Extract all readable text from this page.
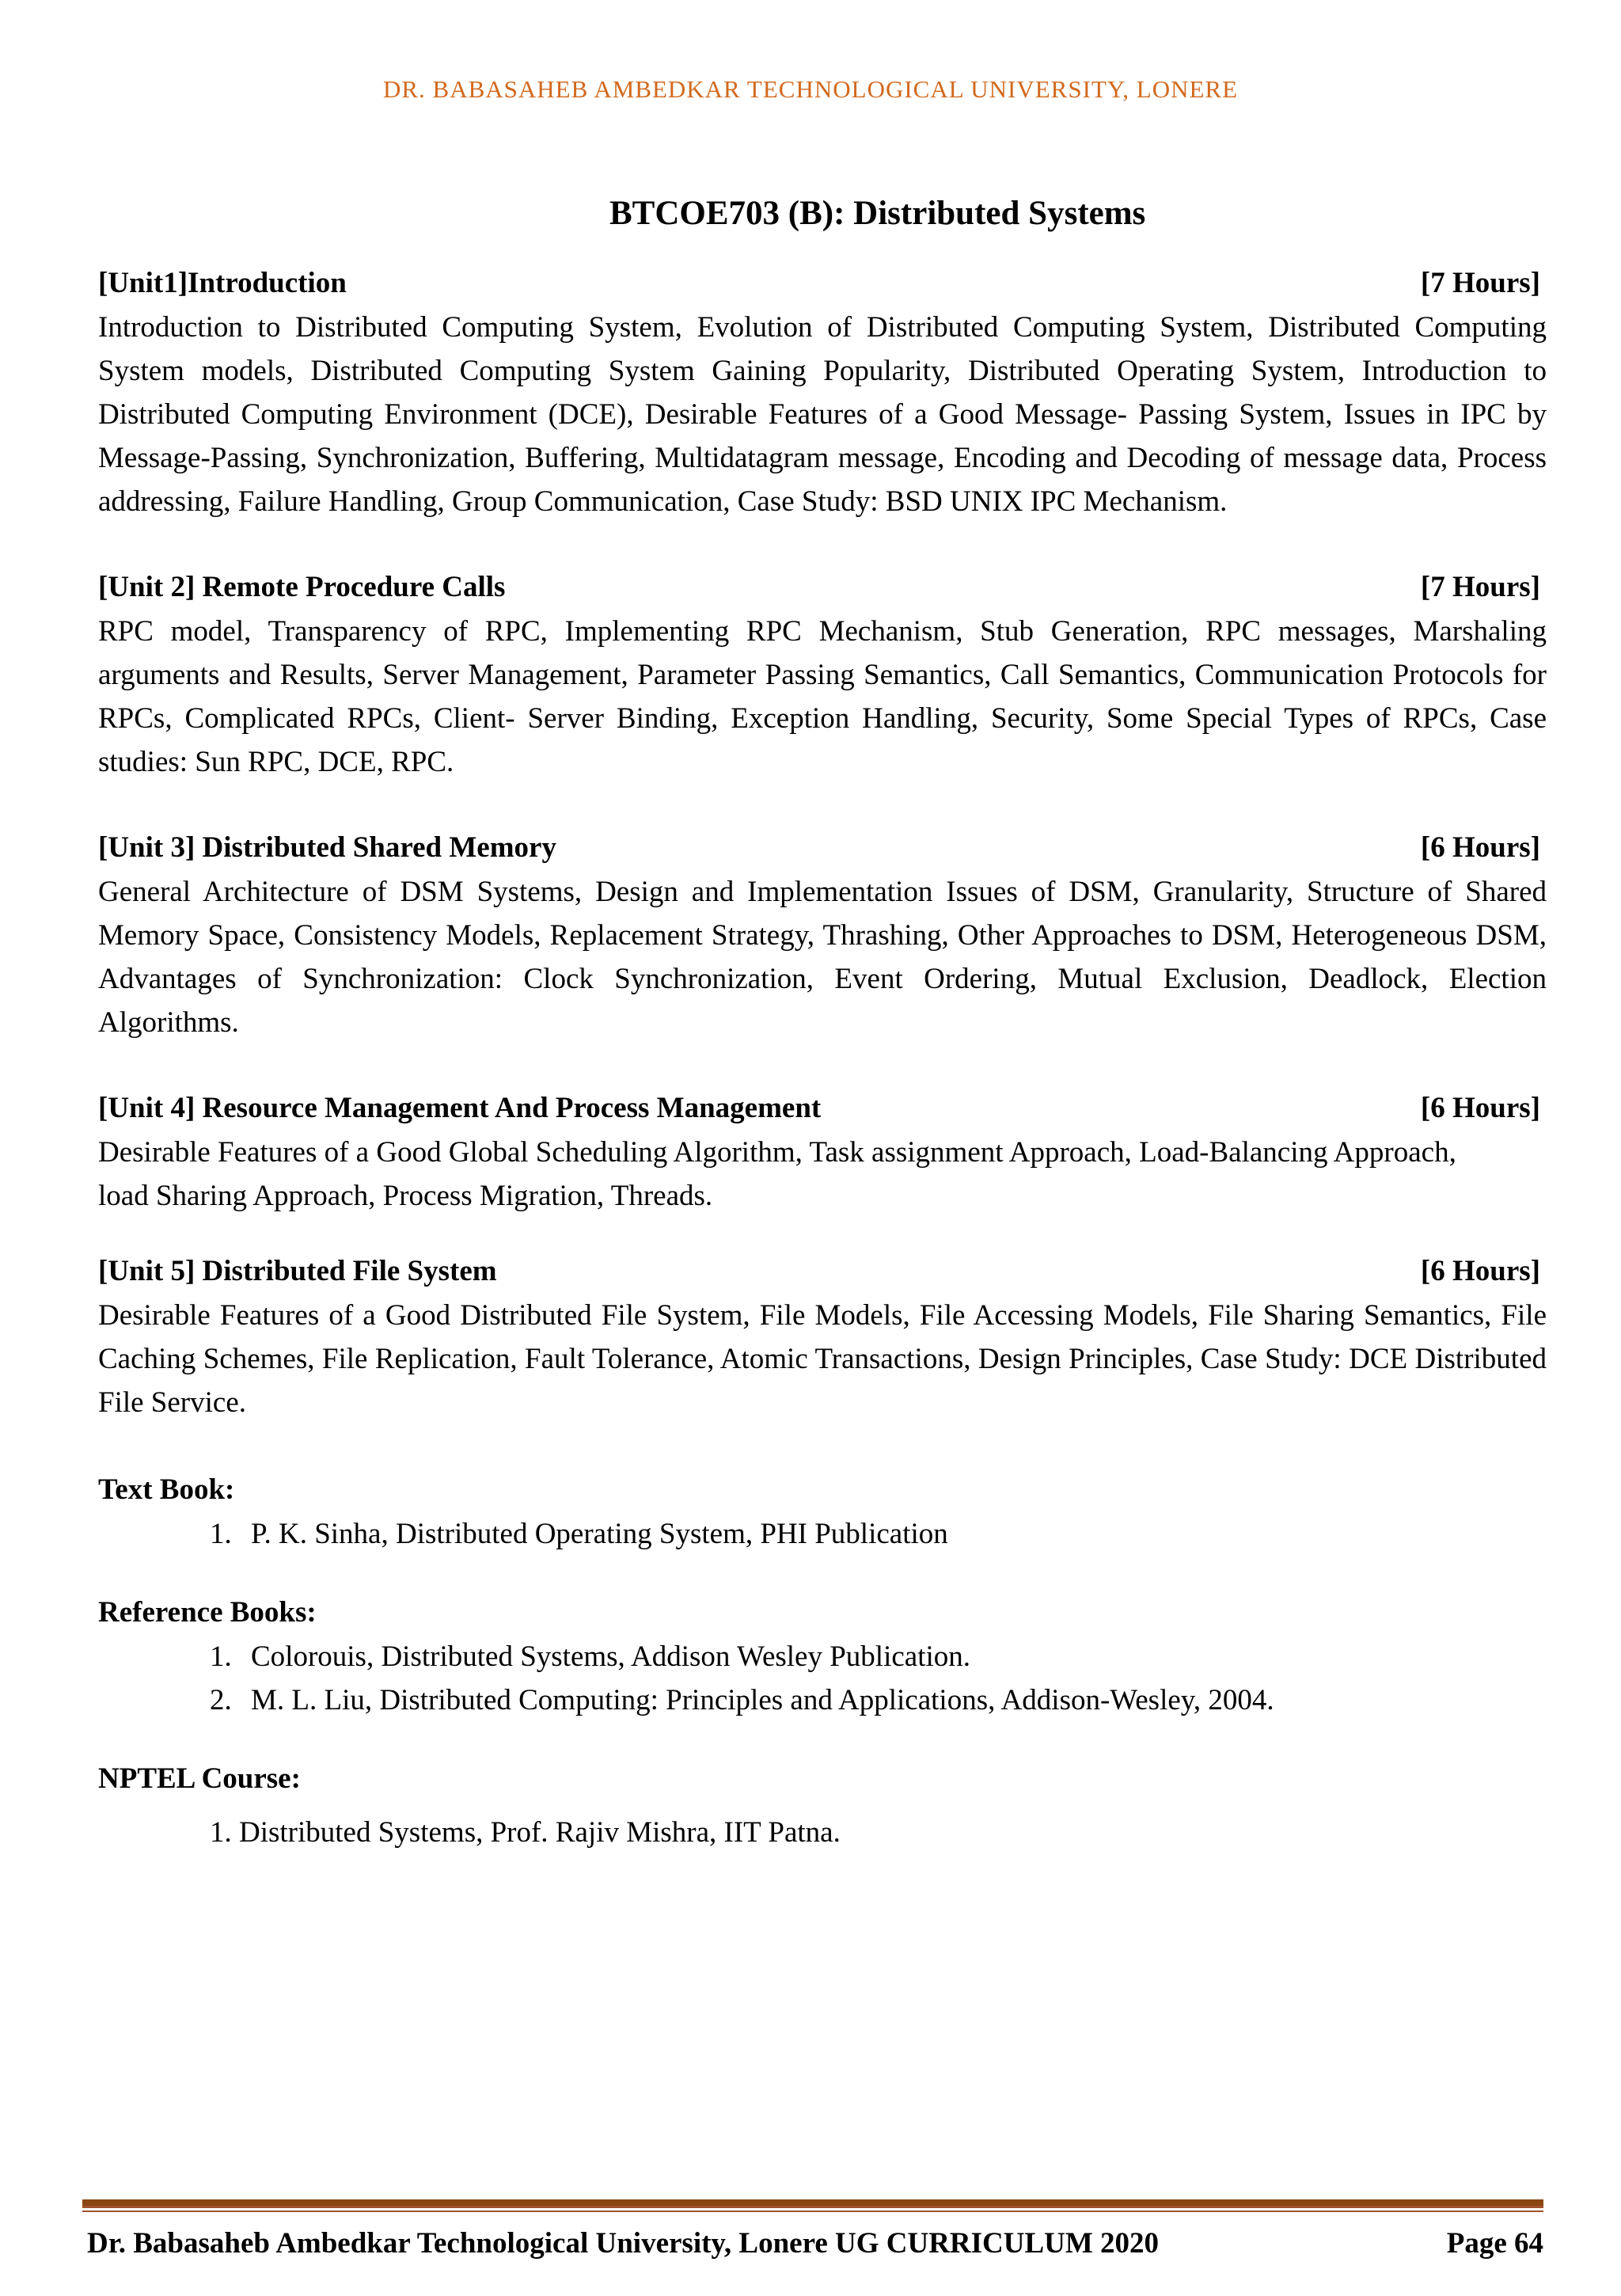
DR. BABASAHEB AMBEDKAR TECHNOLOGICAL UNIVERSITY, LONERE
BTCOE703 (B): Distributed Systems
[Unit1]Introduction	[7 Hours]

Introduction to Distributed Computing System, Evolution of Distributed Computing System, Distributed Computing System models, Distributed Computing System Gaining Popularity, Distributed Operating System, Introduction to Distributed Computing Environment (DCE), Desirable Features of a Good Message- Passing System, Issues in IPC by Message-Passing, Synchronization, Buffering, Multidatagram message, Encoding and Decoding of message data, Process addressing, Failure Handling, Group Communication, Case Study: BSD UNIX IPC Mechanism.

[Unit 2] Remote Procedure Calls	[7 Hours]

RPC model, Transparency of RPC, Implementing RPC Mechanism, Stub Generation, RPC messages, Marshaling arguments and Results, Server Management, Parameter Passing Semantics, Call Semantics, Communication Protocols for RPCs, Complicated RPCs, Client- Server Binding, Exception Handling, Security, Some Special Types of RPCs, Case studies: Sun RPC, DCE, RPC.

[Unit 3] Distributed Shared Memory	[6 Hours]

General Architecture of DSM Systems, Design and Implementation Issues of DSM, Granularity, Structure of Shared Memory Space, Consistency Models, Replacement Strategy, Thrashing, Other Approaches to DSM, Heterogeneous DSM, Advantages of Synchronization: Clock Synchronization, Event Ordering, Mutual Exclusion, Deadlock, Election Algorithms.

[Unit 4] Resource Management And Process Management	[6 Hours]

Desirable Features of a Good Global Scheduling Algorithm, Task assignment Approach, Load-Balancing Approach, load Sharing Approach, Process Migration, Threads.

[Unit 5] Distributed File System	[6 Hours]

Desirable Features of a Good Distributed File System, File Models, File Accessing Models, File Sharing Semantics, File Caching Schemes, File Replication, Fault Tolerance, Atomic Transactions, Design Principles, Case Study: DCE Distributed File Service.

Text Book:
1. P. K. Sinha, Distributed Operating System, PHI Publication
Reference Books:
1. Colorouis, Distributed Systems, Addison Wesley Publication.
2. M. L. Liu, Distributed Computing: Principles and Applications, Addison-Wesley, 2004.
NPTEL Course:
1. Distributed Systems, Prof. Rajiv Mishra, IIT Patna.
Dr. Babasaheb Ambedkar Technological University, Lonere UG CURRICULUM 2020	Page 64
